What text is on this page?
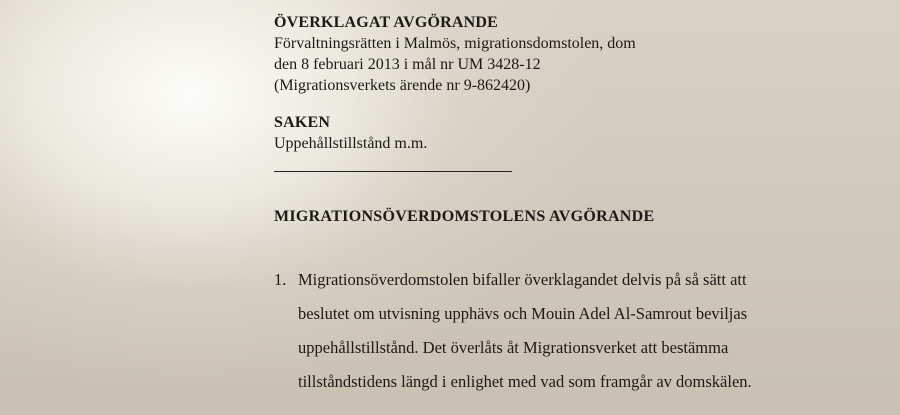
ÖVERKLAGAT AVGÖRANDE
Förvaltningsrätten i Malmös, migrationsdomstolen, dom
den 8 februari 2013 i mål nr UM 3428-12
(Migrationsverkets ärende nr 9-862420)
SAKEN
Uppehållstillstånd m.m.
MIGRATIONSÖVERDOMSTOLENS AVGÖRANDE
1. Migrationsöverdomstolen bifaller överklagandet delvis på så sätt att
beslutet om utvisning upphävs och Mouin Adel Al-Samrout beviljas
uppehållstillstånd. Det överlåts åt Migrationsverket att bestämma
tillståndstidens längd i enlighet med vad som framgår av domskälen.
